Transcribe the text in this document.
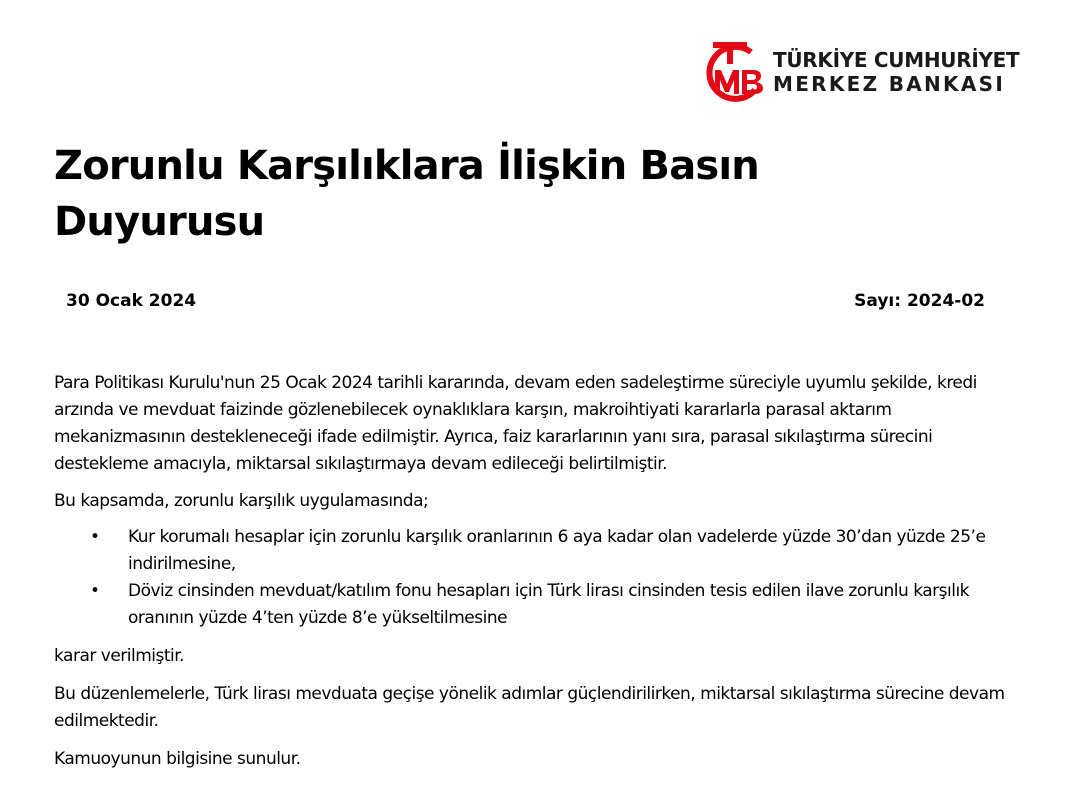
TÜRKİYE CUMHURİYET
MERKEZ BANKASI
Zorunlu Karşılıklara İlişkin Basın Duyurusu
30 Ocak 2024	Sayı: 2024-02

Para Politikası Kurulu'nun 25 Ocak 2024 tarihli kararında, devam eden sadeleştirme süreciyle uyumlu şekilde, kredi arzında ve mevduat faizinde gözlenebilecek oynaklıklara karşın, makroihtiyati kararlarla parasal aktarım mekanizmasının destekleneceği ifade edilmiştir. Ayrıca, faiz kararlarının yanı sıra, parasal sıkılaştırma sürecini destekleme amacıyla, miktarsal sıkılaştırmaya devam edileceği belirtilmiştir.

Bu kapsamda, zorunlu karşılık uygulamasında;

• Kur korumalı hesaplar için zorunlu karşılık oranlarının 6 aya kadar olan vadelerde yüzde 30’dan yüzde 25’e indirilmesine,
• Döviz cinsinden mevduat/katılım fonu hesapları için Türk lirası cinsinden tesis edilen ilave zorunlu karşılık oranının yüzde 4’ten yüzde 8’e yükseltilmesine

karar verilmiştir.

Bu düzenlemelerle, Türk lirası mevduata geçişe yönelik adımlar güçlendirilirken, miktarsal sıkılaştırma sürecine devam edilmektedir.

Kamuoyunun bilgisine sunulur.
